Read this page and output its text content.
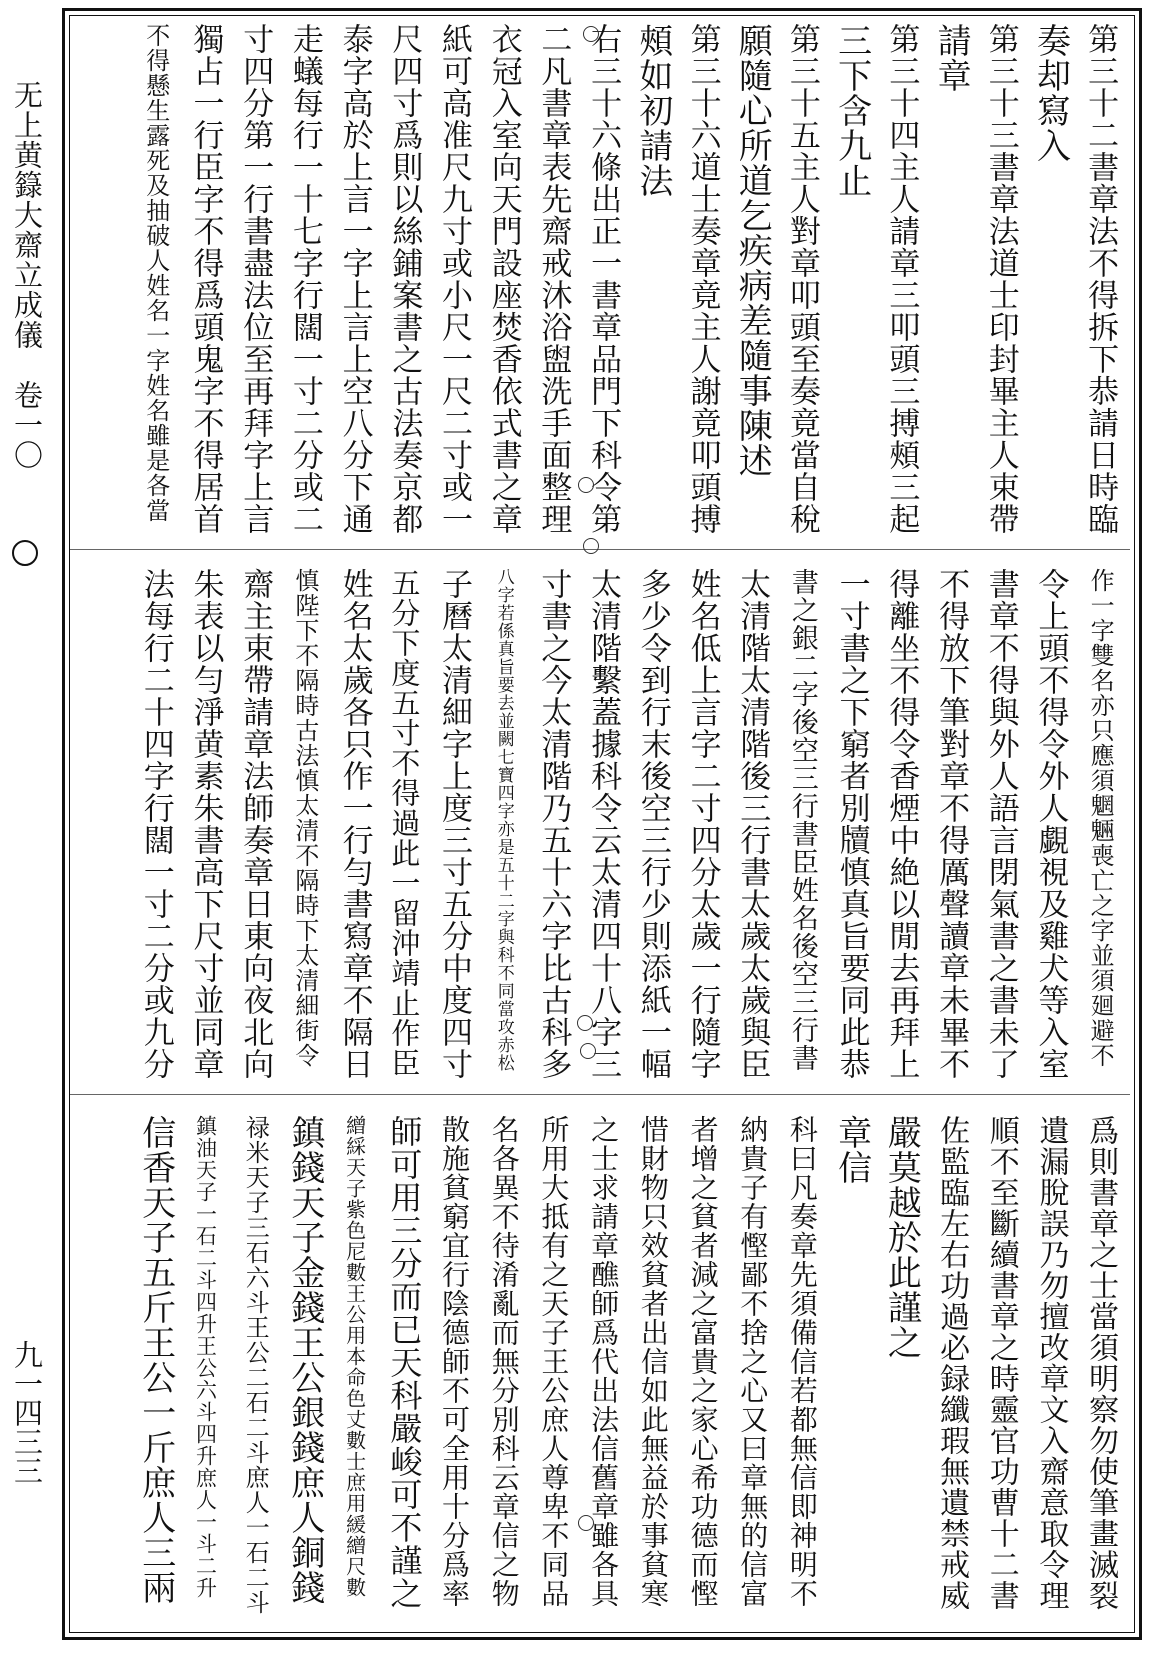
无上黄籙大齋立成儀　卷一〇
九一四三三
第三十二書章法不得拆下恭請日時臨
奏却寫入
第三十三書章法道士印封畢主人束帶
請章
第三十四主人請章三叩頭三搏頰三起
三下含九止
第三十五主人對章叩頭至奏竟當自稅
願隨心所道乞疾病差隨事陳述
第三十六道士奏章竟主人謝竟叩頭搏
頰如初請法
右三十六條出正一書章品門下科令第
二凡書章表先齋戒沐浴盥洗手面整理
衣冠入室向天門設座焚香依式書之章
紙可高准尺九寸或小尺一尺二寸或一
尺四寸爲則以絲鋪案書之古法奏京都
泰字高於上言一字上言上空八分下通
走蟻每行一十七字行闊一寸二分或二
寸四分第一行書盡法位至再拜字上言
獨占一行臣字不得爲頭鬼字不得居首
不得懸生露死及抽破人姓名一字姓名雖是各當
作一字雙名亦只應須魍魎喪亡之字並須廻避不
令上頭不得令外人覷視及雞犬等入室
書章不得與外人語言閉氣書之書未了
不得放下筆對章不得厲聲讀章未畢不
得離坐不得令香煙中絶以閒去再拜上
一寸書之下窮者別牘慎真旨要同此恭
書之銀二字後空三行書臣姓名後空三行書
太清階太清階後三行書太歲太歲與臣
姓名低上言字二寸四分太歲一行隨字
多少令到行末後空三行少則添紙一幅
太清階繫蓋據科令云太清四十八字三
寸書之今太清階乃五十六字比古科多
八字若係真旨要去並闕七寶四字亦是五十二字與科不同當攻赤松
子曆太清細字上度三寸五分中度四寸
五分下度五寸不得過此一留沖靖止作臣
姓名太歲各只作一行勻書寫章不隔日
慎陛下不隔時古法慎太清不隔時下太清細街令
齋主束帶請章法師奏章日東向夜北向
朱表以勻淨黄素朱書高下尺寸並同章
法每行二十四字行闊一寸二分或九分
爲則書章之士當須明察勿使筆畫滅裂
遺漏脫誤乃勿擅改章文入齋意取令理
順不至斷續書章之時靈官功曹十二書
佐監臨左右功過必録纖瑕無遺禁戒威
嚴莫越於此謹之
章信
科曰凡奏章先須備信若都無信即神明不
納貴子有慳鄙不捨之心又曰章無的信富
者增之貧者減之富貴之家心希功德而慳
惜財物只效貧者出信如此無益於事貧寒
之士求請章醮師爲代出法信舊章雖各具
所用大抵有之天子王公庶人尊卑不同品
名各異不待淆亂而無分別科云章信之物
散施貧窮宜行陰德師不可全用十分爲率
師可用三分而已天科嚴峻可不謹之
繒綵天子紫色尼數王公用本命色丈數士庶用緩繒尺數
鎮錢天子金錢王公銀錢庶人銅錢
禄米天子三石六斗王公二石二斗庶人一石二斗
鎮油天子一石二斗四升王公六斗四升庶人一斗二升
信香天子五斤王公一斤庶人三兩
